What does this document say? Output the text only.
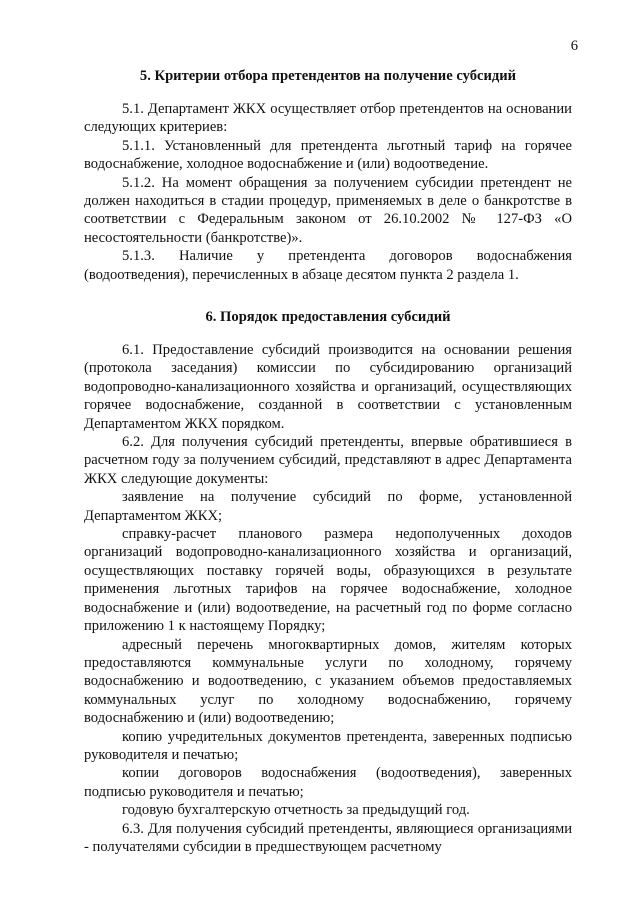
6
5. Критерии отбора претендентов на получение субсидий

5.1. Департамент ЖКХ осуществляет отбор претендентов на основании следующих критериев:

5.1.1. Установленный для претендента льготный тариф на горячее водоснабжение, холодное водоснабжение и (или) водоотведение.

5.1.2. На момент обращения за получением субсидии претендент не должен находиться в стадии процедур, применяемых в деле о банкротстве в соответствии с Федеральным законом от 26.10.2002 № 127-ФЗ «О несостоятельности (банкротстве)».

5.1.3. Наличие у претендента договоров водоснабжения (водоотведения), перечисленных в абзаце десятом пункта 2 раздела 1.

6. Порядок предоставления субсидий

6.1. Предоставление субсидий производится на основании решения (протокола заседания) комиссии по субсидированию организаций водопроводно-канализационного хозяйства и организаций, осуществляющих горячее водоснабжение, созданной в соответствии с установленным Департаментом ЖКХ порядком.

6.2. Для получения субсидий претенденты, впервые обратившиеся в расчетном году за получением субсидий, представляют в адрес Департамента ЖКХ следующие документы:

заявление на получение субсидий по форме, установленной Департаментом ЖКХ;

справку-расчет планового размера недополученных доходов организаций водопроводно-канализационного хозяйства и организаций, осуществляющих поставку горячей воды, образующихся в результате применения льготных тарифов на горячее водоснабжение, холодное водоснабжение и (или) водоотведение, на расчетный год по форме согласно приложению 1 к настоящему Порядку;

адресный перечень многоквартирных домов, жителям которых предоставляются коммунальные услуги по холодному, горячему водоснабжению и водоотведению, с указанием объемов предоставляемых коммунальных услуг по холодному водоснабжению, горячему водоснабжению и (или) водоотведению;

копию учредительных документов претендента, заверенных подписью руководителя и печатью;

копии договоров водоснабжения (водоотведения), заверенных подписью руководителя и печатью;

годовую бухгалтерскую отчетность за предыдущий год.

6.3. Для получения субсидий претенденты, являющиеся организациями - получателями субсидии в предшествующем расчетному
